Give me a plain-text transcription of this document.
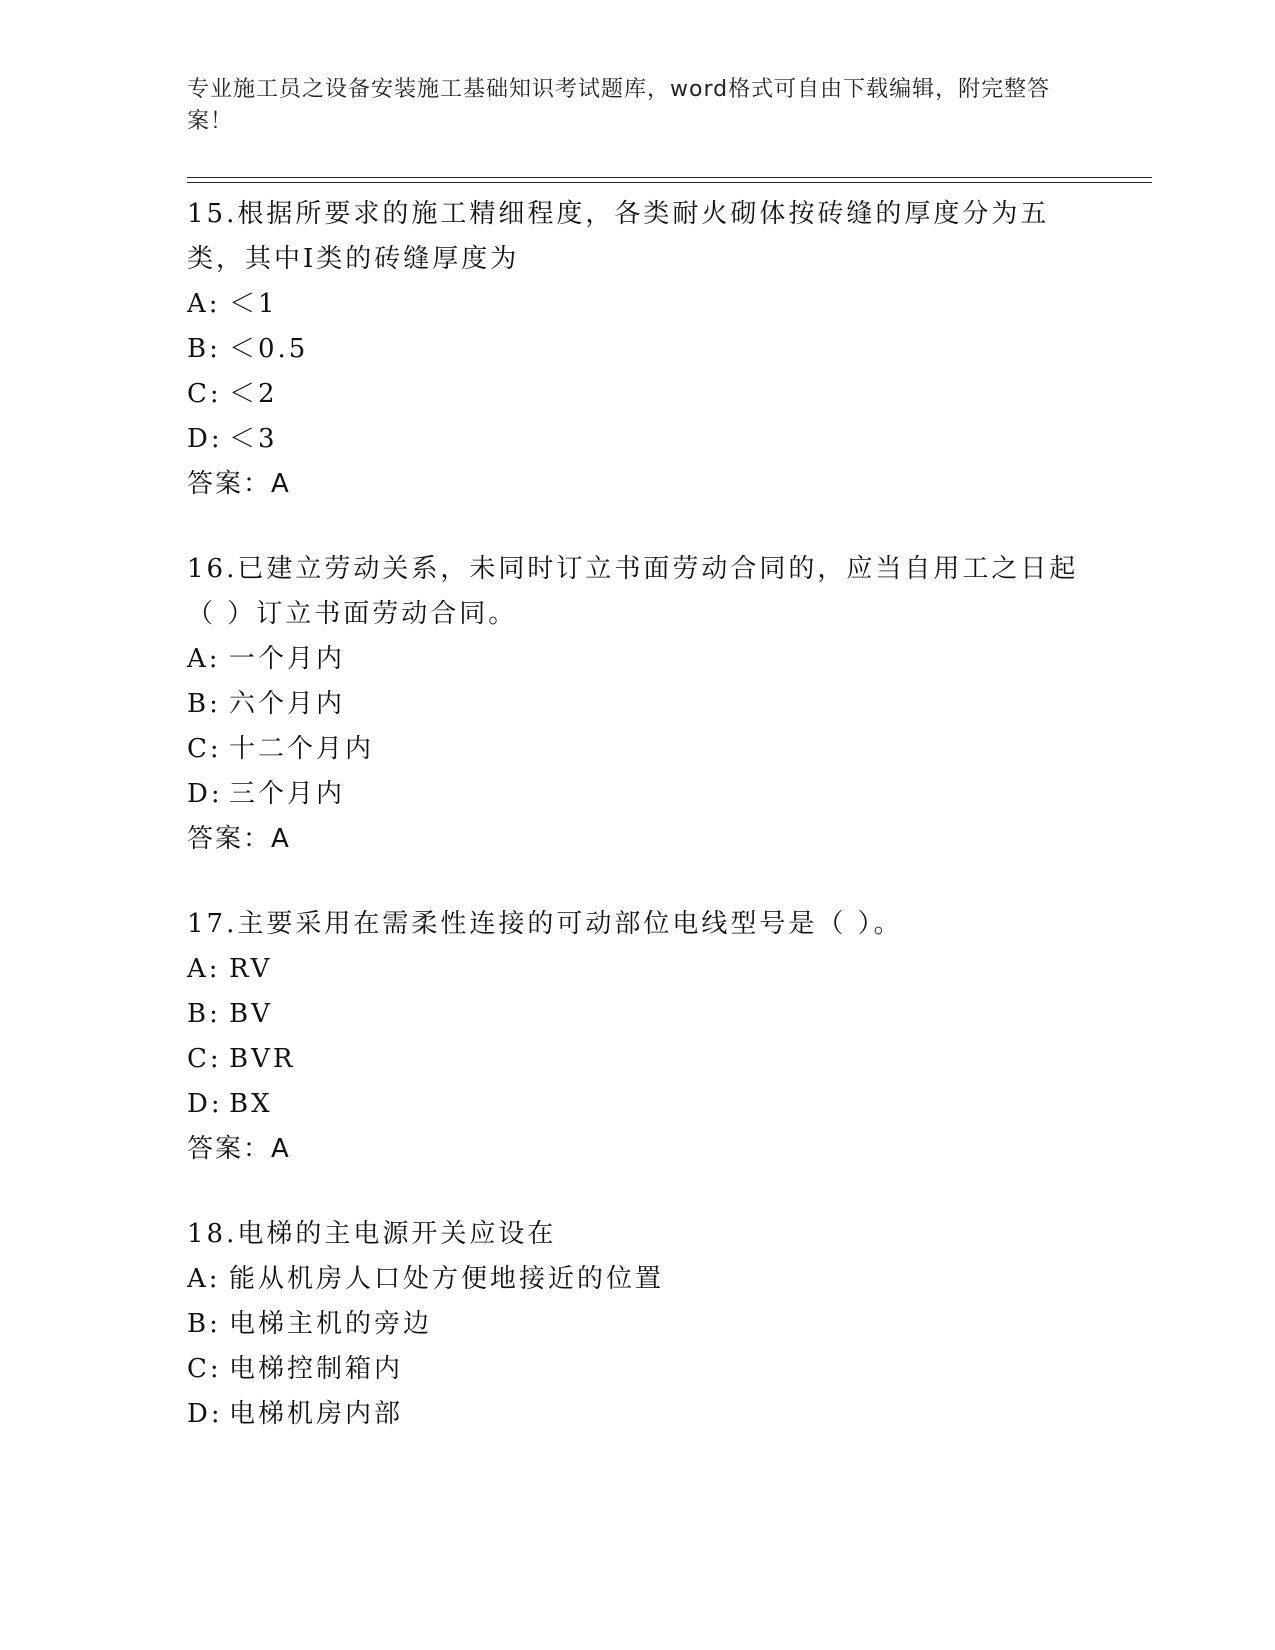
专业施工员之设备安装施工基础知识考试题库，word格式可自由下载编辑，附完整答案！
15.根据所要求的施工精细程度，各类耐火砌体按砖缝的厚度分为五类，其中Ⅰ类的砖缝厚度为
A: ＜1
B: ＜0.5
C: ＜2
D: ＜3
答案：A
16.已建立劳动关系，未同时订立书面劳动合同的，应当自用工之日起（ ）订立书面劳动合同。
A: 一个月内
B: 六个月内
C: 十二个月内
D: 三个月内
答案：A
17.主要采用在需柔性连接的可动部位电线型号是（ ）。
A: RV
B: BV
C: BVR
D: BX
答案：A
18.电梯的主电源开关应设在
A: 能从机房人口处方便地接近的位置
B: 电梯主机的旁边
C: 电梯控制箱内
D: 电梯机房内部
